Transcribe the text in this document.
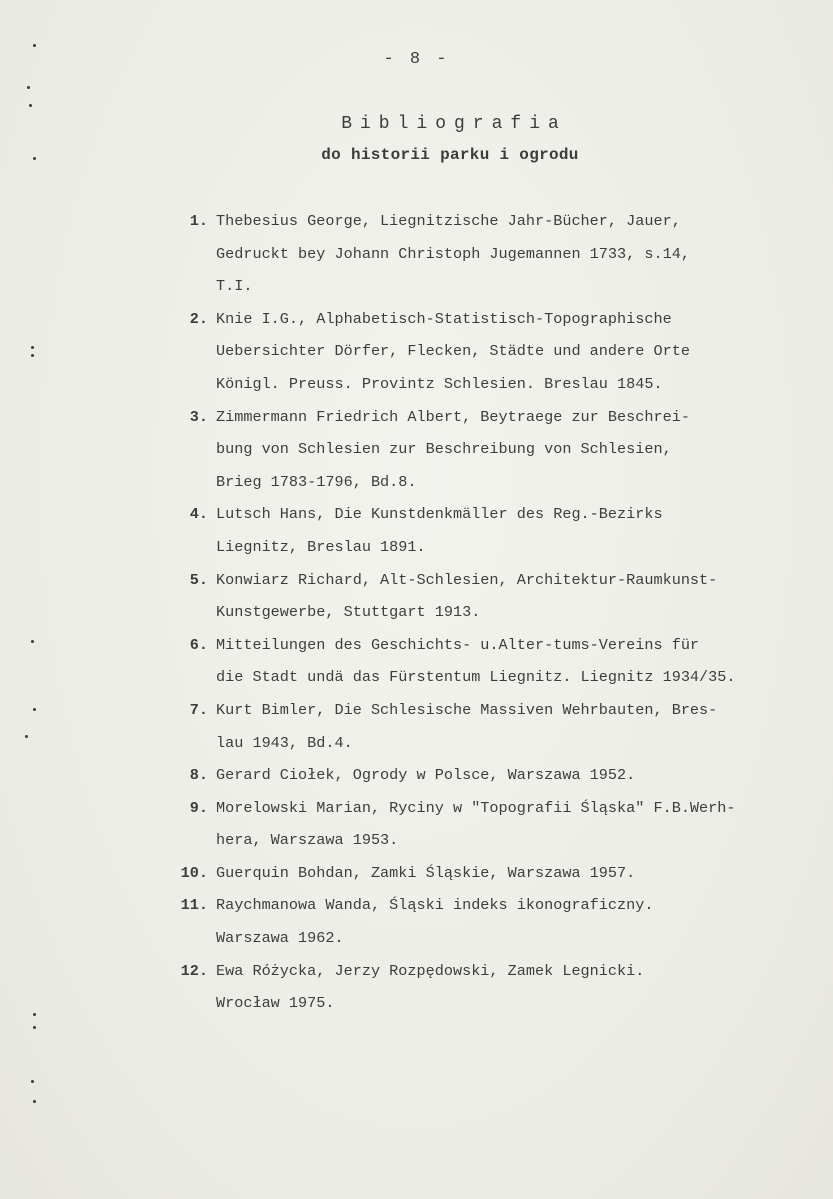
- 8 -
Bibliografia
do historii parku i ogrodu
1. Thebesius George, Liegnitzische Jahr-Bücher, Jauer,
Gedruckt bey Johann Christoph Jugemannen 1733, s.14,
T.I.
2. Knie I.G., Alphabetisch-Statistisch-Topographische
Uebersichter Dörfer, Flecken, Städte und andere Orte
Königl. Preuss. Provintz Schlesien. Breslau 1845.
3. Zimmermann Friedrich Albert, Beytraege zur Beschrei-
bung von Schlesien zur Beschreibung von Schlesien,
Brieg 1783-1796, Bd.8.
4. Lutsch Hans, Die Kunstdenkmäller des Reg.-Bezirks
Liegnitz, Breslau 1891.
5. Konwiarz Richard, Alt-Schlesien, Architektur-Raumkunst-
Kunstgewerbe, Stuttgart 1913.
6. Mitteilungen des Geschichts- u.Alter-tums-Vereins für
die Stadt undä das Fürstentum Liegnitz. Liegnitz 1934/35.
7. Kurt Bimler, Die Schlesische Massiven Wehrbauten, Bres-
lau 1943, Bd.4.
8. Gerard Ciołek, Ogrody w Polsce, Warszawa 1952.
9. Morelowski Marian, Ryciny w "Topografii Śląska" F.B.Werh-
hera, Warszawa 1953.
10. Guerquin Bohdan, Zamki Śląskie, Warszawa 1957.
11. Raychmanowa Wanda, Śląski indeks ikonograficzny.
Warszawa 1962.
12. Ewa Różycka, Jerzy Rozpędowski, Zamek Legnicki.
Wrocław 1975.
